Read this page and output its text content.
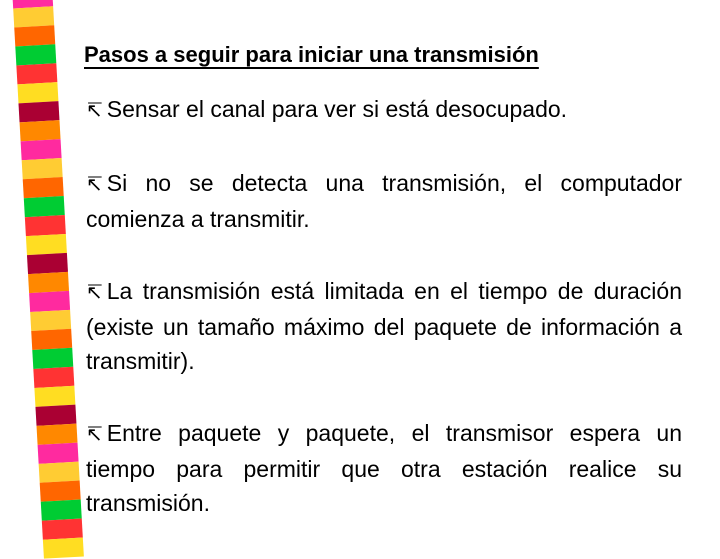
Pasos a seguir para iniciar una transmisión
↸ Sensar el canal para ver si está desocupado.
↸ Si no se detecta una transmisión, el computador comienza a transmitir.
↸ La transmisión está limitada en el tiempo de duración (existe un tamaño máximo del paquete de información a transmitir).
↸ Entre paquete y paquete, el transmisor espera un tiempo para permitir que otra estación realice su transmisión.
